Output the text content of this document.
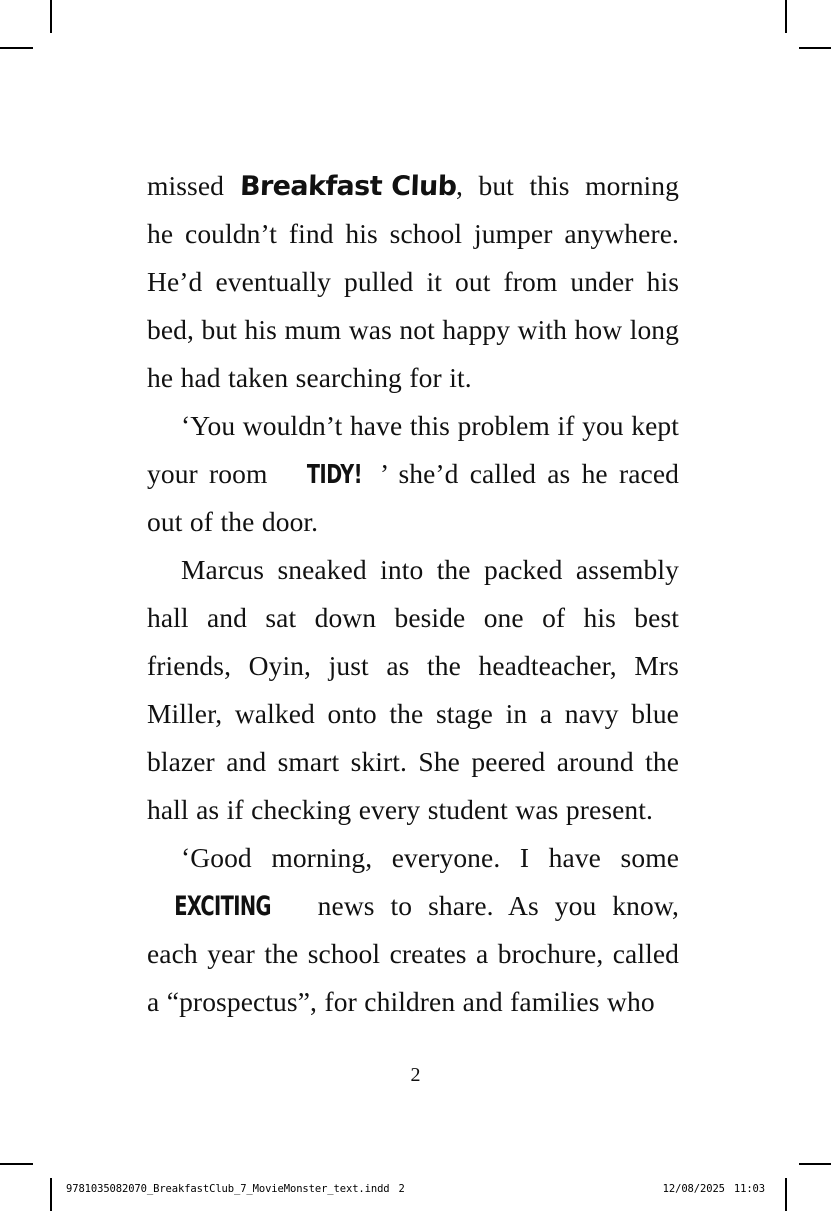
missed Breakfast Club, but this morning he couldn’t find his school jumper anywhere. He’d eventually pulled it out from under his bed, but his mum was not happy with how long he had taken searching for it.

‘You wouldn’t have this problem if you kept your room TIDY! ’ she’d called as he raced out of the door.

Marcus sneaked into the packed assembly hall and sat down beside one of his best friends, Oyin, just as the headteacher, Mrs Miller, walked onto the stage in a navy blue blazer and smart skirt. She peered around the hall as if checking every student was present.

‘Good morning, everyone. I have some EXCITING news to share. As you know, each year the school creates a brochure, called a “prospectus”, for children and families who

2
9781035082070_BreakfastClub_7_MovieMonster_text.indd 2	12/08/2025 11:03
